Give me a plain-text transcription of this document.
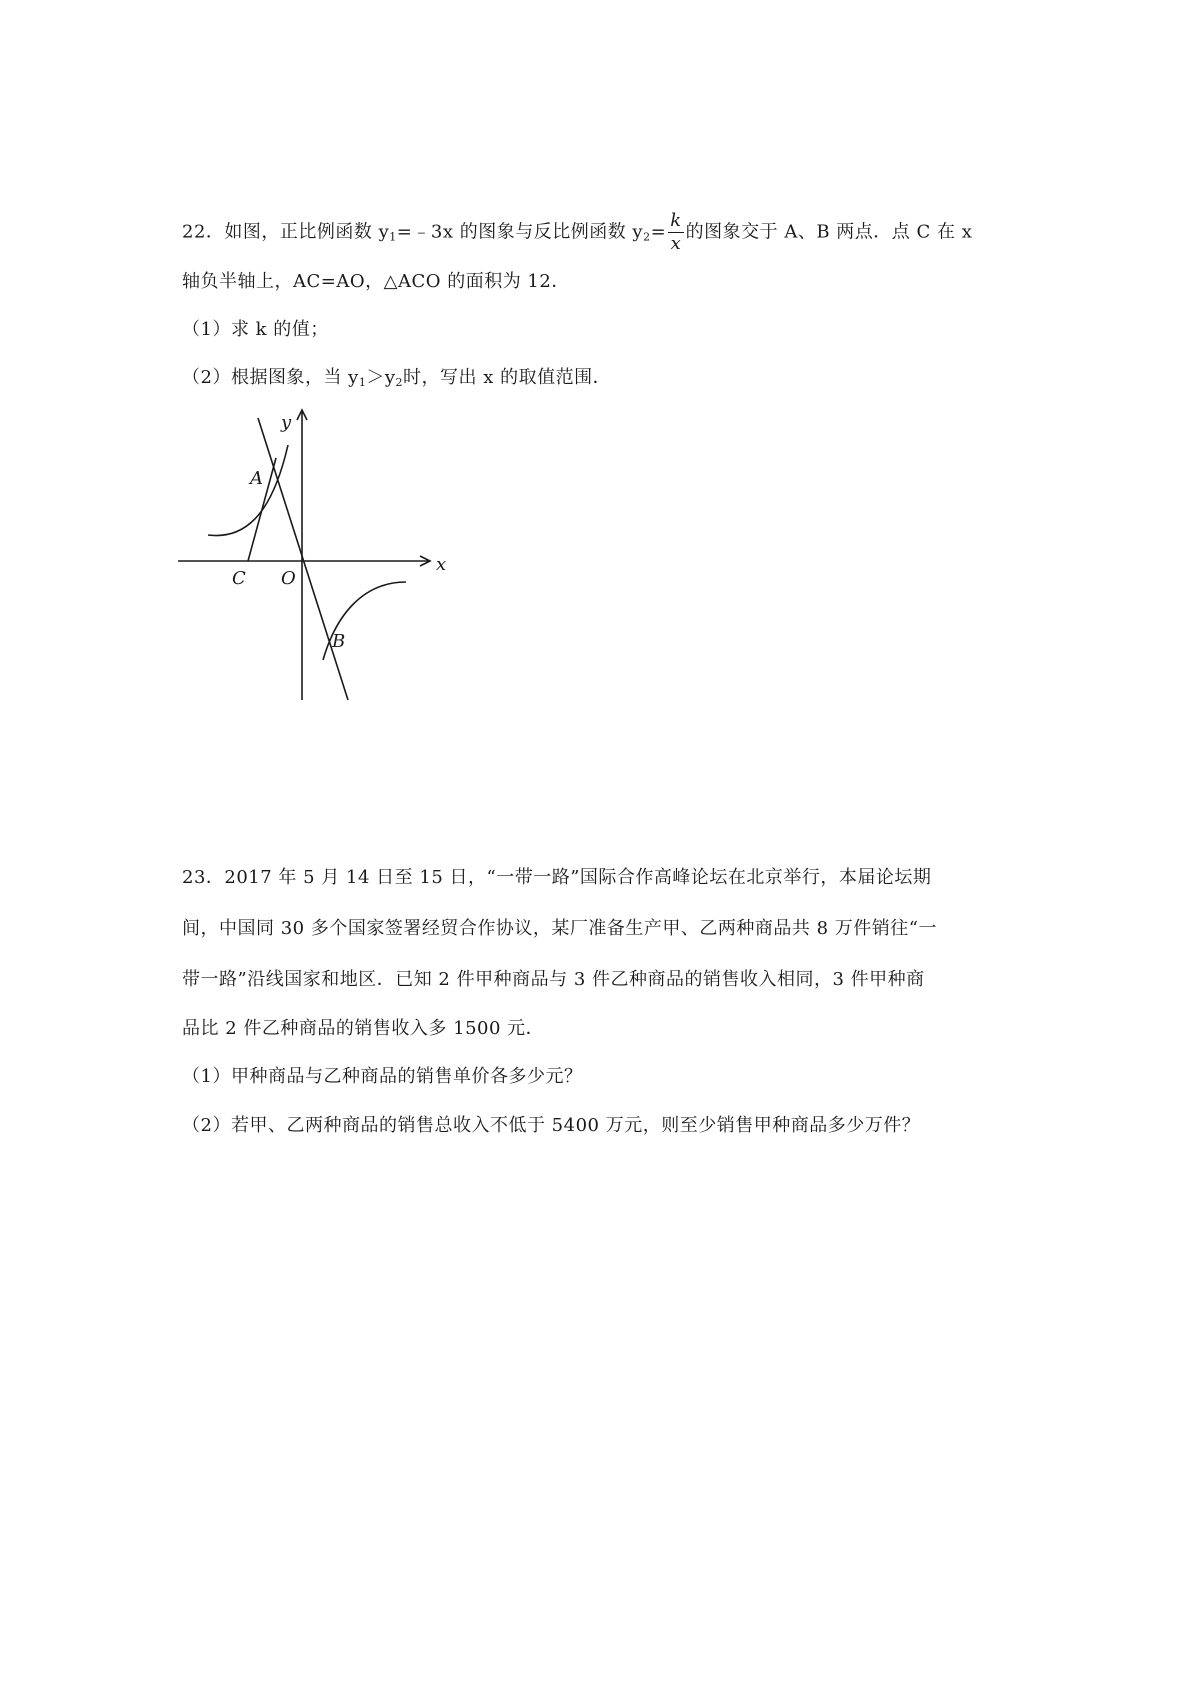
22．如图，正比例函数 $y_1=﹣3x$ 的图象与反比例函数 $y_2= \frac{k}{x}$ 的图象交于 A、B 两点．点 C 在 x
轴负半轴上，AC=AO，△ACO 的面积为 12．
（1）求 k 的值；
（2）根据图象，当 $y_1>y_2$时，写出 x 的取值范围．
y
x
A
C O
B
23．2017 年 5 月 14 日至 15 日，“一带一路”国际合作高峰论坛在北京举行，本届论坛期
间，中国同 30 多个国家签署经贸合作协议，某厂准备生产甲、乙两种商品共 8 万件销往“一
带一路”沿线国家和地区．已知 2 件甲种商品与 3 件乙种商品的销售收入相同，3 件甲种商
品比 2 件乙种商品的销售收入多 1500 元．
（1）甲种商品与乙种商品的销售单价各多少元？
（2）若甲、乙两种商品的销售总收入不低于 5400 万元，则至少销售甲种商品多少万件？
